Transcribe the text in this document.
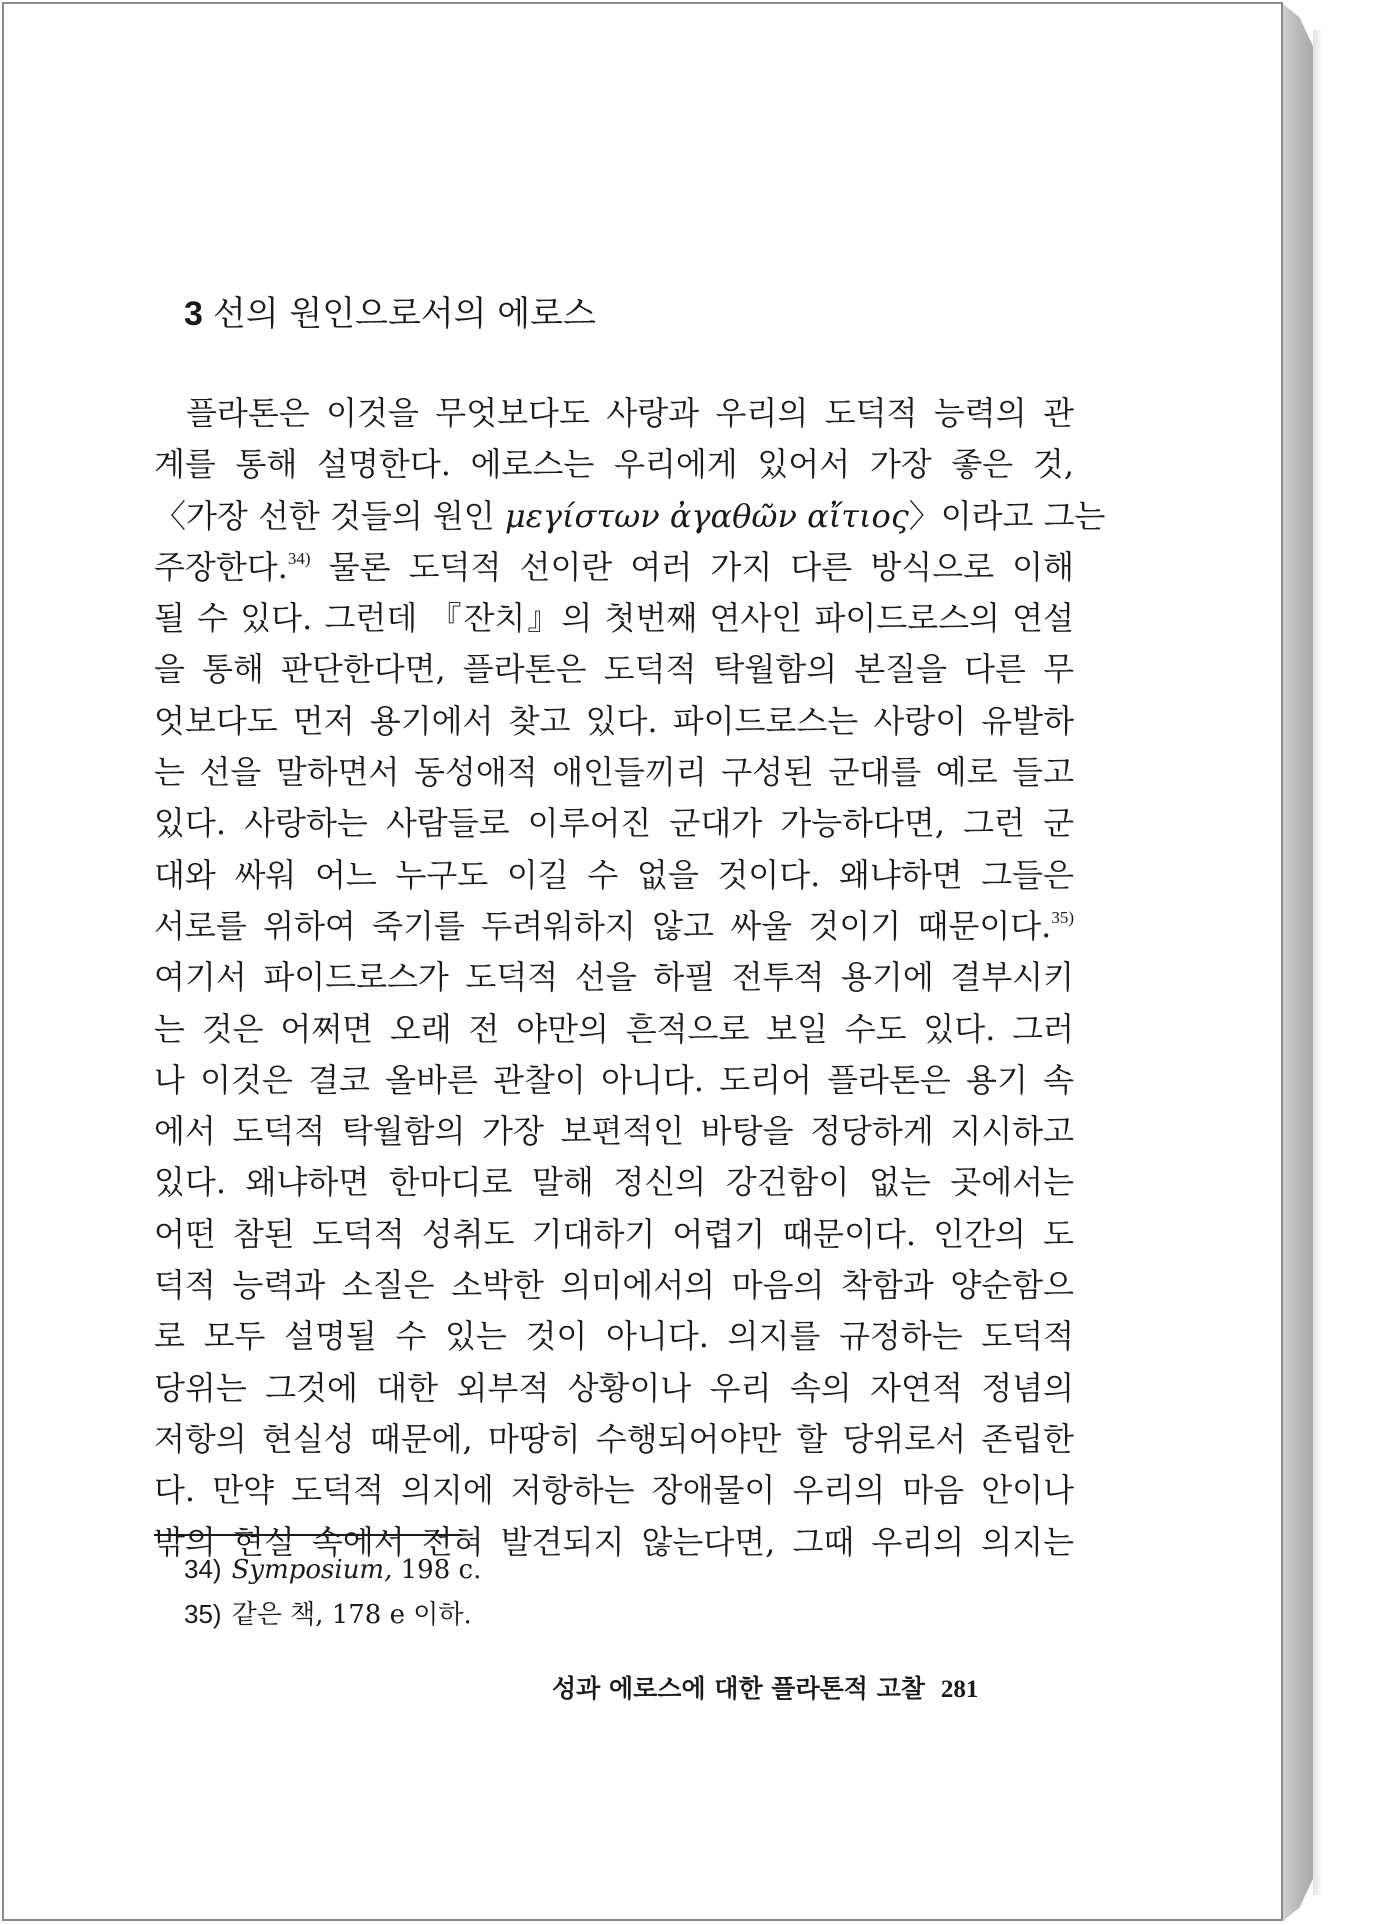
3 선의 원인으로서의 에로스
플라톤은 이것을 무엇보다도 사랑과 우리의 도덕적 능력의 관
계를 통해 설명한다. 에로스는 우리에게 있어서 가장 좋은 것,
〈가장 선한 것들의 원인 μεγίστων ἀγαθῶν αἴτιος〉이라고 그는
주장한다.$^{34)}$ 물론 도덕적 선이란 여러 가지 다른 방식으로 이해
될 수 있다. 그런데 『잔치』의 첫번째 연사인 파이드로스의 연설
을 통해 판단한다면, 플라톤은 도덕적 탁월함의 본질을 다른 무
엇보다도 먼저 용기에서 찾고 있다. 파이드로스는 사랑이 유발하
는 선을 말하면서 동성애적 애인들끼리 구성된 군대를 예로 들고
있다. 사랑하는 사람들로 이루어진 군대가 가능하다면, 그런 군
대와 싸워 어느 누구도 이길 수 없을 것이다. 왜냐하면 그들은
서로를 위하여 죽기를 두려워하지 않고 싸울 것이기 때문이다.$^{35)}$
여기서 파이드로스가 도덕적 선을 하필 전투적 용기에 결부시키
는 것은 어쩌면 오래 전 야만의 흔적으로 보일 수도 있다. 그러
나 이것은 결코 올바른 관찰이 아니다. 도리어 플라톤은 용기 속
에서 도덕적 탁월함의 가장 보편적인 바탕을 정당하게 지시하고
있다. 왜냐하면 한마디로 말해 정신의 강건함이 없는 곳에서는
어떤 참된 도덕적 성취도 기대하기 어렵기 때문이다. 인간의 도
덕적 능력과 소질은 소박한 의미에서의 마음의 착함과 양순함으
로 모두 설명될 수 있는 것이 아니다. 의지를 규정하는 도덕적
당위는 그것에 대한 외부적 상황이나 우리 속의 자연적 정념의
저항의 현실성 때문에, 마땅히 수행되어야만 할 당위로서 존립한
다. 만약 도덕적 의지에 저항하는 장애물이 우리의 마음 안이나
밖의 현실 속에서 전혀 발견되지 않는다면, 그때 우리의 의지는
34) Symposium, 198 c.
35) 같은 책, 178 e 이하.
성과 에로스에 대한 플라톤적 고찰 281
